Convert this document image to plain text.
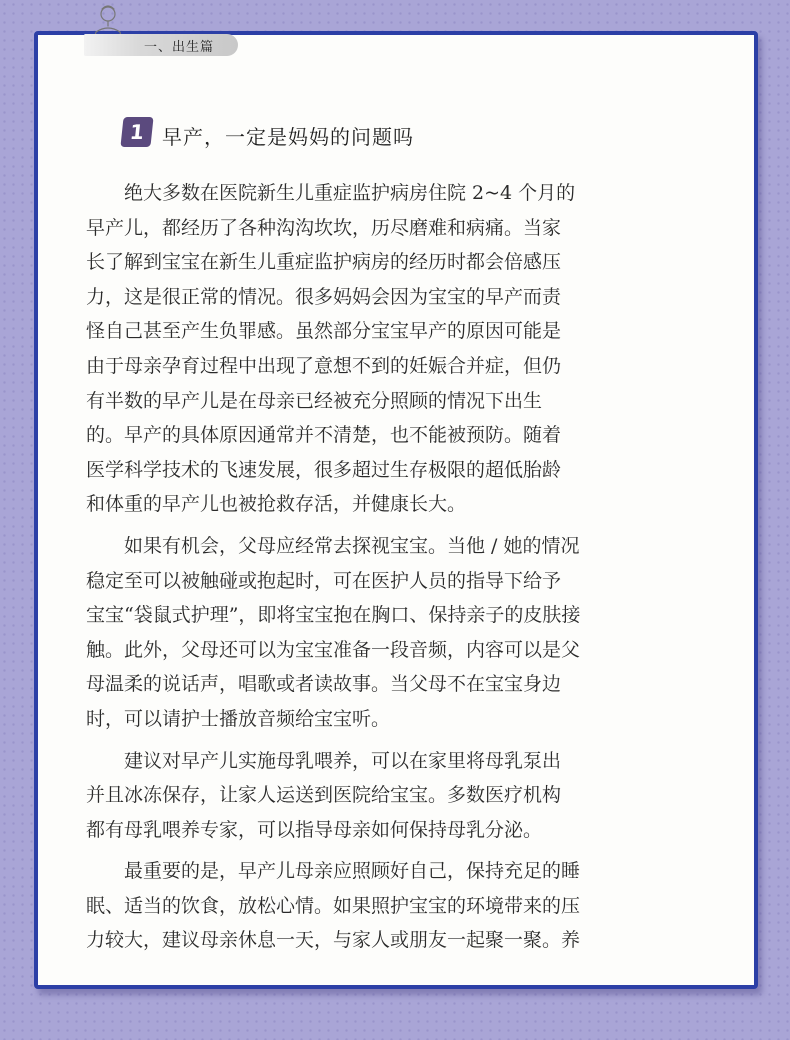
一、出生篇
1 早产，一定是妈妈的问题吗
　　绝大多数在医院新生儿重症监护病房住院 2~4 个月的
早产儿，都经历了各种沟沟坎坎，历尽磨难和病痛。当家
长了解到宝宝在新生儿重症监护病房的经历时都会倍感压
力，这是很正常的情况。很多妈妈会因为宝宝的早产而责
怪自己甚至产生负罪感。虽然部分宝宝早产的原因可能是
由于母亲孕育过程中出现了意想不到的妊娠合并症，但仍
有半数的早产儿是在母亲已经被充分照顾的情况下出生
的。早产的具体原因通常并不清楚，也不能被预防。随着
医学科学技术的飞速发展，很多超过生存极限的超低胎龄
和体重的早产儿也被抢救存活，并健康长大。
　　如果有机会，父母应经常去探视宝宝。当他 / 她的情况
稳定至可以被触碰或抱起时，可在医护人员的指导下给予
宝宝“袋鼠式护理”，即将宝宝抱在胸口、保持亲子的皮肤接
触。此外，父母还可以为宝宝准备一段音频，内容可以是父
母温柔的说话声，唱歌或者读故事。当父母不在宝宝身边
时，可以请护士播放音频给宝宝听。
　　建议对早产儿实施母乳喂养，可以在家里将母乳泵出
并且冰冻保存，让家人运送到医院给宝宝。多数医疗机构
都有母乳喂养专家，可以指导母亲如何保持母乳分泌。
　　最重要的是，早产儿母亲应照顾好自己，保持充足的睡
眠、适当的饮食，放松心情。如果照护宝宝的环境带来的压
力较大，建议母亲休息一天，与家人或朋友一起聚一聚。养
